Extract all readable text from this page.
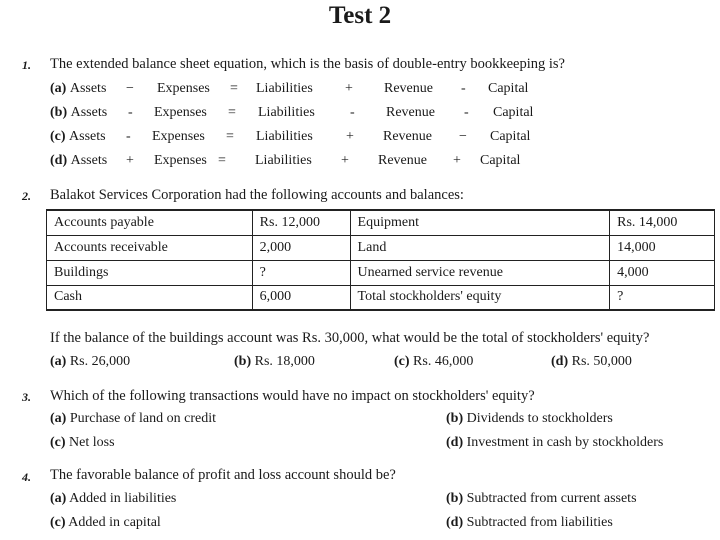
Test 2
1. The extended balance sheet equation, which is the basis of double-entry bookkeeping is?
(a) Assets − Expenses = Liabilities + Revenue - Capital
(b) Assets - Expenses = Liabilities	- Revenue - Capital
(c) Assets - Expenses = Liabilities + Revenue − Capital
(d) Assets + Expenses = Liabilities + Revenue + Capital
2. Balakot Services Corporation had the following accounts and balances:
Accounts payable	Rs. 12,000	Equipment	Rs. 14,000
Accounts receivable	2,000	Land	14,000
Buildings	?	Unearned service revenue	4,000
Cash	6,000	Total stockholders' equity	?
If the balance of the buildings account was Rs. 30,000, what would be the total of stockholders' equity?
(a) Rs. 26,000	(b) Rs. 18,000	(c) Rs. 46,000	(d) Rs. 50,000
3. Which of the following transactions would have no impact on stockholders' equity?
(a) Purchase of land on credit	(b) Dividends to stockholders
(c) Net loss	(d) Investment in cash by stockholders
4. The favorable balance of profit and loss account should be?
(a) Added in liabilities	(b) Subtracted from current assets
(c) Added in capital	(d) Subtracted from liabilities
